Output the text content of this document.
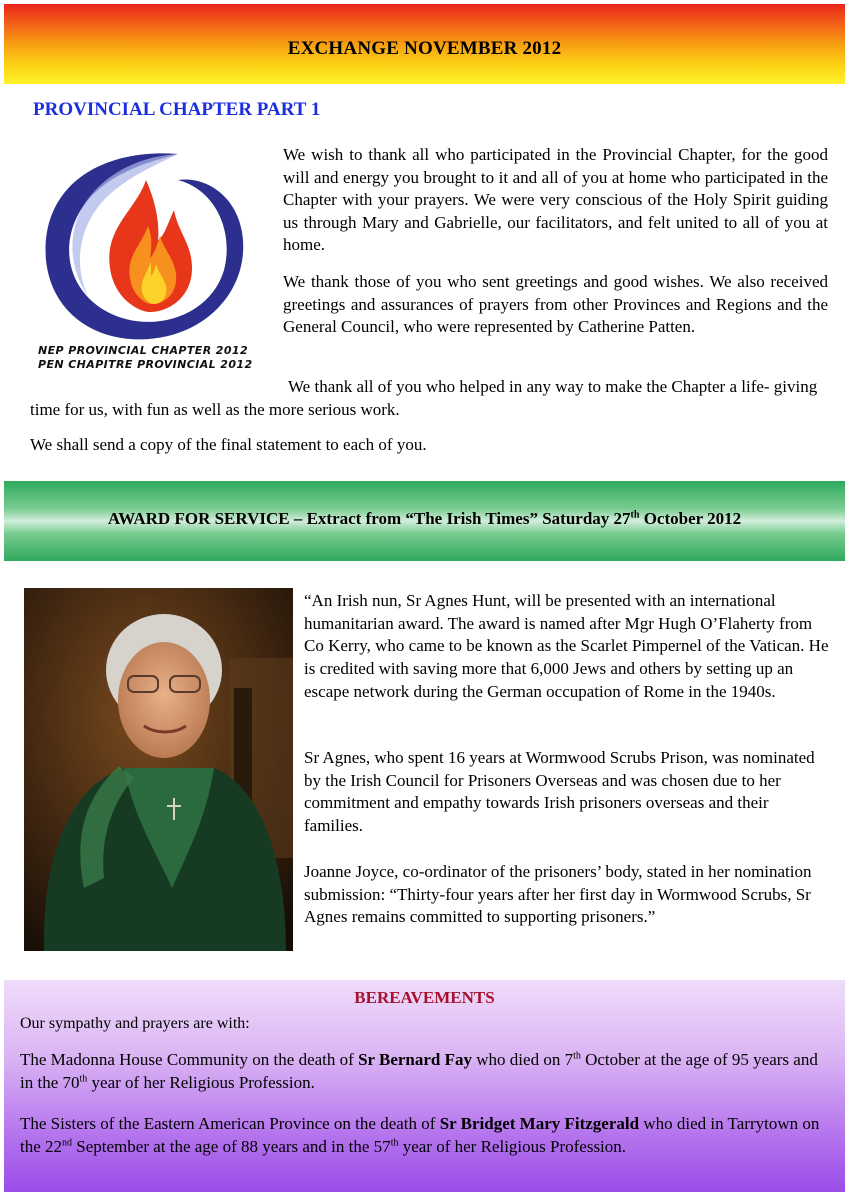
EXCHANGE NOVEMBER 2012
PROVINCIAL CHAPTER PART 1
NEP PROVINCIAL CHAPTER 2012
PEN CHAPITRE PROVINCIAL 2012

We wish to thank all who participated in the Provincial Chapter, for the good will and energy you brought to it and all of you at home who participated in the Chapter with your prayers. We were very conscious of the Holy Spirit guiding us through Mary and Gabrielle, our facilitators, and felt united to all of you at home.

We thank those of you who sent greetings and good wishes. We also received greetings and assurances of prayers from other Provinces and Regions and the General Council, who were represented by Catherine Patten.

We thank all of you who helped in any way to make the Chapter a life- giving time for us, with fun as well as the more serious work.

We shall send a copy of the final statement to each of you.

AWARD FOR SERVICE – Extract from “The Irish Times” Saturday 27th October 2012

“An Irish nun, Sr Agnes Hunt, will be presented with an international humanitarian award. The award is named after Mgr Hugh O’Flaherty from Co Kerry, who came to be known as the Scarlet Pimpernel of the Vatican. He is credited with saving more that 6,000 Jews and others by setting up an escape network during the German occupation of Rome in the 1940s.

Sr Agnes, who spent 16 years at Wormwood Scrubs Prison, was nominated by the Irish Council for Prisoners Overseas and was chosen due to her commitment and empathy towards Irish prisoners overseas and their families.

Joanne Joyce, co-ordinator of the prisoners’ body, stated in her nomination submission: “Thirty-four years after her first day in Wormwood Scrubs, Sr Agnes remains committed to supporting prisoners.”

BEREAVEMENTS

Our sympathy and prayers are with:

The Madonna House Community on the death of Sr Bernard Fay who died on 7th October at the age of 95 years and in the 70th year of her Religious Profession.

The Sisters of the Eastern American Province on the death of Sr Bridget Mary Fitzgerald who died in Tarrytown on the 22nd September at the age of 88 years and in the 57th year of her Religious Profession.
